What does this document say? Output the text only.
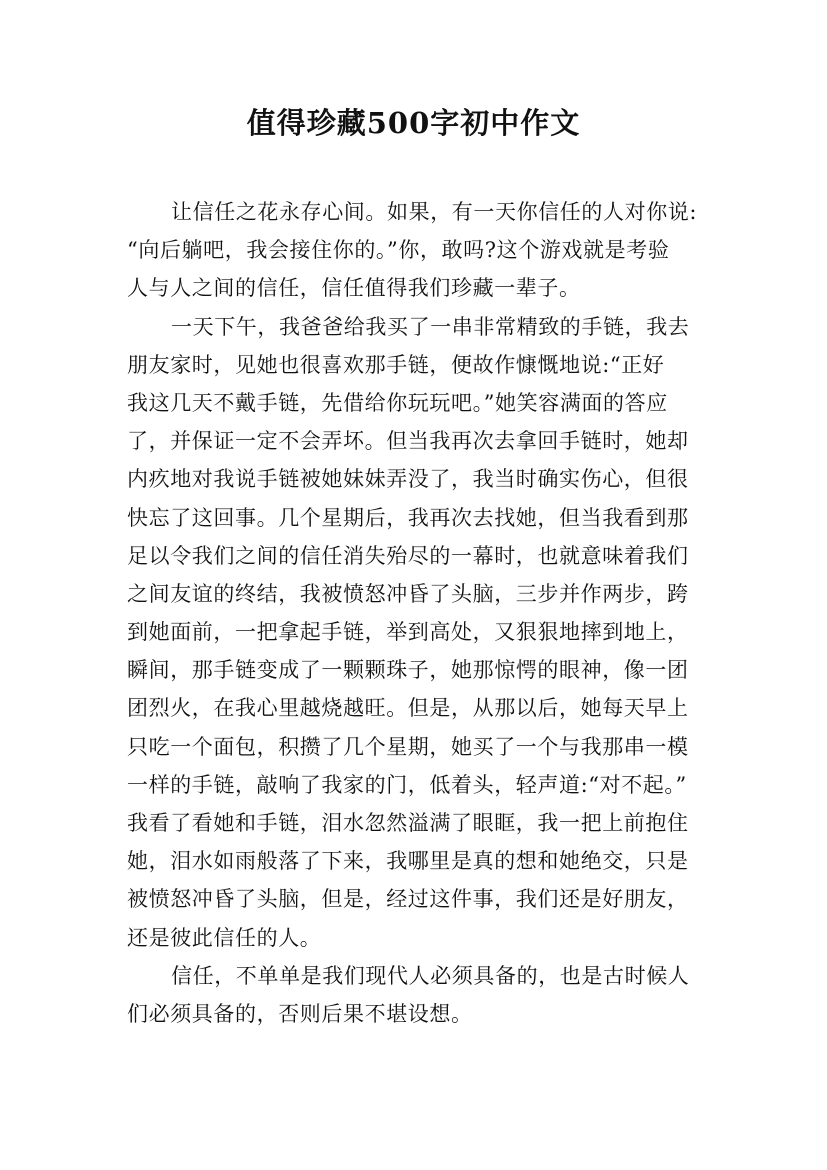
值得珍藏500字初中作文
让信任之花永存心间。如果，有一天你信任的人对你说:
“向后躺吧，我会接住你的。”你，敢吗?这个游戏就是考验
人与人之间的信任，信任值得我们珍藏一辈子。
一天下午，我爸爸给我买了一串非常精致的手链，我去
朋友家时，见她也很喜欢那手链，便故作慷慨地说:“正好
我这几天不戴手链，先借给你玩玩吧。”她笑容满面的答应
了，并保证一定不会弄坏。但当我再次去拿回手链时，她却
内疚地对我说手链被她妹妹弄没了，我当时确实伤心，但很
快忘了这回事。几个星期后，我再次去找她，但当我看到那
足以令我们之间的信任消失殆尽的一幕时，也就意味着我们
之间友谊的终结，我被愤怒冲昏了头脑，三步并作两步，跨
到她面前，一把拿起手链，举到高处，又狠狠地摔到地上，
瞬间，那手链变成了一颗颗珠子，她那惊愕的眼神，像一团
团烈火，在我心里越烧越旺。但是，从那以后，她每天早上
只吃一个面包，积攒了几个星期，她买了一个与我那串一模
一样的手链，敲响了我家的门，低着头，轻声道:“对不起。”
我看了看她和手链，泪水忽然溢满了眼眶，我一把上前抱住
她，泪水如雨般落了下来，我哪里是真的想和她绝交，只是
被愤怒冲昏了头脑，但是，经过这件事，我们还是好朋友，
还是彼此信任的人。
信任，不单单是我们现代人必须具备的，也是古时候人
们必须具备的，否则后果不堪设想。
